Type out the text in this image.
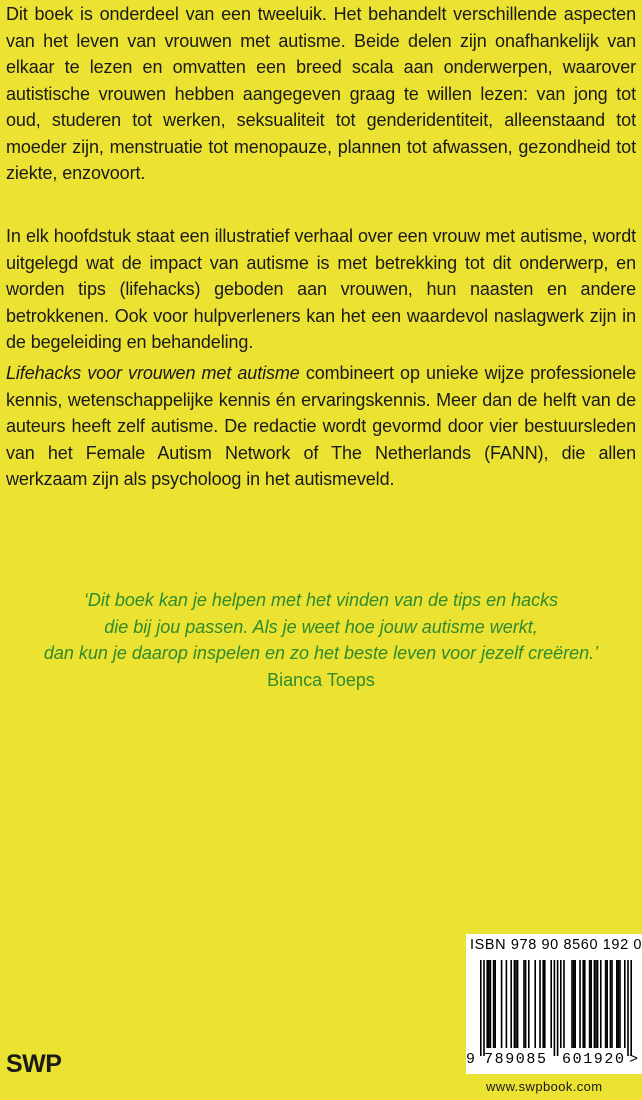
Dit boek is onderdeel van een tweeluik. Het behandelt verschillende aspecten van het leven van vrouwen met autisme. Beide delen zijn onafhankelijk van elkaar te lezen en omvatten een breed scala aan onderwerpen, waarover autistische vrouwen hebben aangegeven graag te willen lezen: van jong tot oud, studeren tot werken, seksualiteit tot genderidentiteit, alleenstaand tot moeder zijn, menstruatie tot menopauze, plannen tot afwassen, gezondheid tot ziekte, enzovoort.

In elk hoofdstuk staat een illustratief verhaal over een vrouw met autisme, wordt uitgelegd wat de impact van autisme is met betrekking tot dit onderwerp, en worden tips (lifehacks) geboden aan vrouwen, hun naasten en andere betrokkenen. Ook voor hulpverleners kan het een waardevol naslagwerk zijn in de begeleiding en behandeling.

Lifehacks voor vrouwen met autisme combineert op unieke wijze professionele kennis, wetenschappelijke kennis én ervaringskennis. Meer dan de helft van de auteurs heeft zelf autisme. De redactie wordt gevormd door vier bestuursleden van het Female Autism Network of The Netherlands (FANN), die allen werkzaam zijn als psycholoog in het autismeveld.

‘Dit boek kan je helpen met het vinden van de tips en hacks
die bij jou passen. Als je weet hoe jouw autisme werkt,
dan kun je daarop inspelen en zo het beste leven voor jezelf creëren.’
Bianca Toeps
ISBN 978 90 8560 192 0
9 789085 601920 >
SWP
www.swpbook.com
